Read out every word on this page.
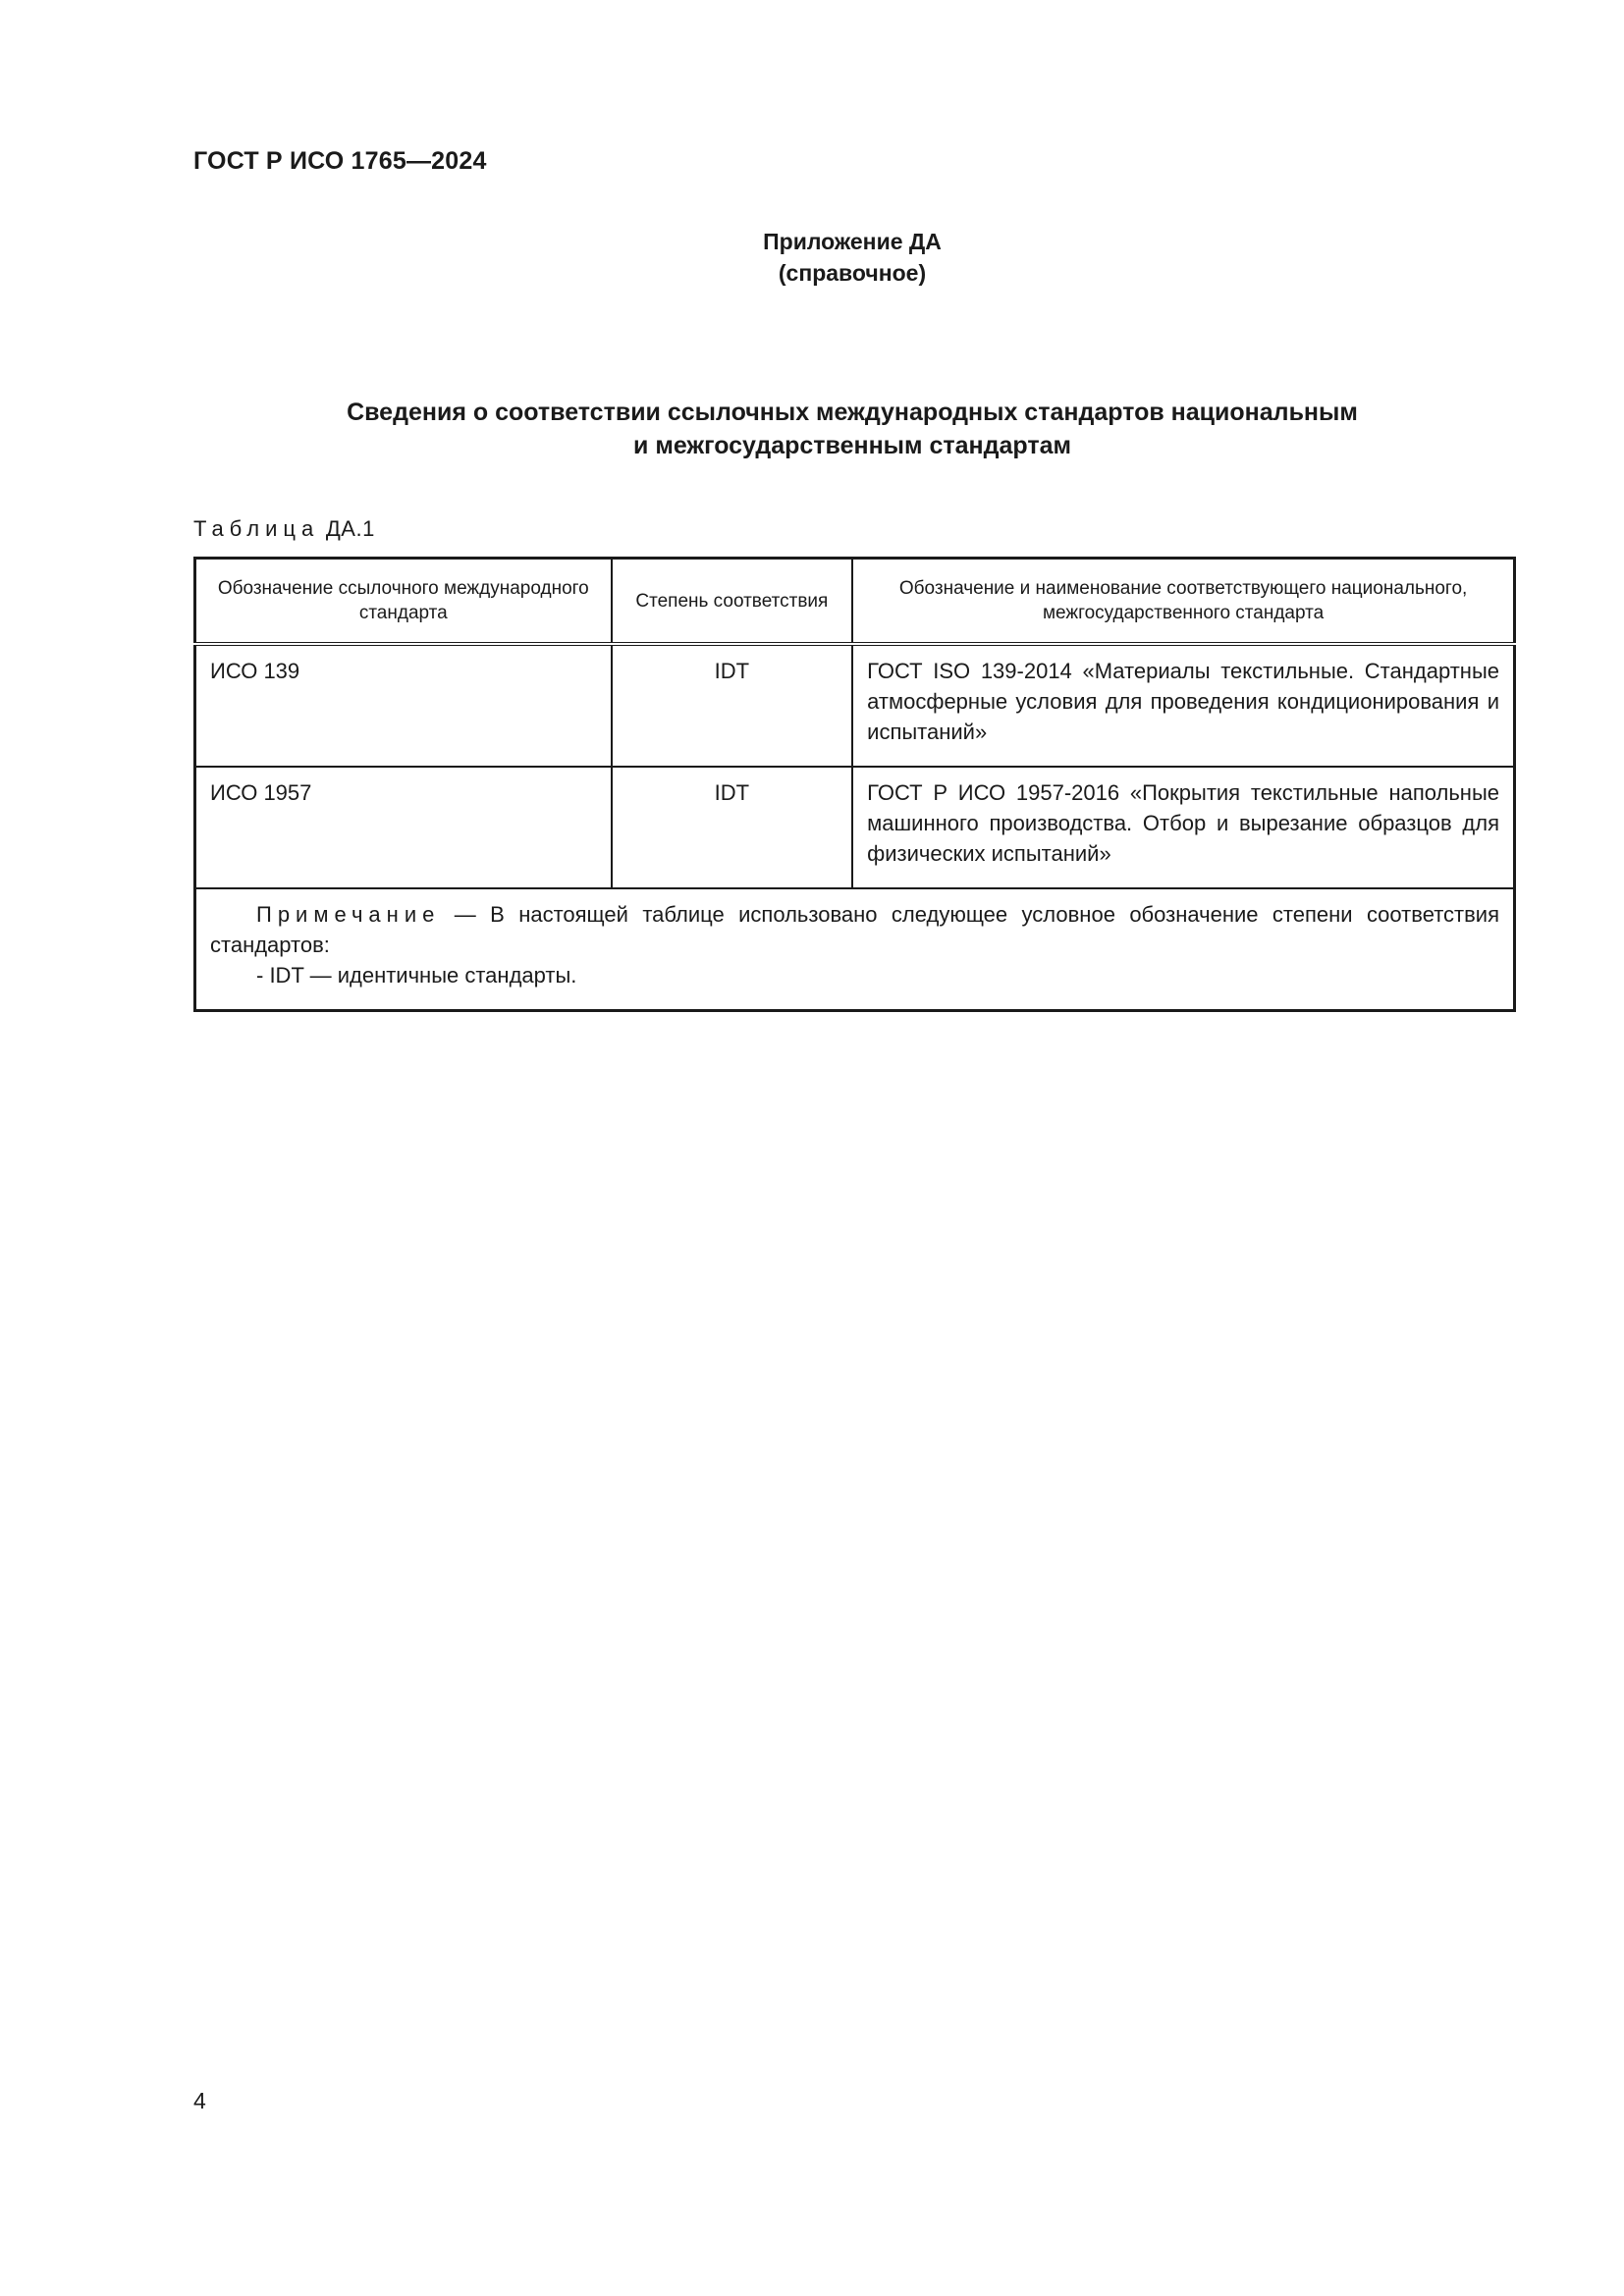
ГОСТ Р ИСО 1765—2024
Приложение ДА
(справочное)
Сведения о соответствии ссылочных международных стандартов национальным
и межгосударственным стандартам
Таблица ДА.1
Обозначение ссылочного международного стандарта	Степень соответствия	Обозначение и наименование соответствующего национального, межгосударственного стандарта
ИСО 139	IDT	ГОСТ ISO 139-2014 «Материалы текстильные. Стандартные атмосферные условия для проведения кондиционирования и испытаний»
ИСО 1957	IDT	ГОСТ Р ИСО 1957-2016 «Покрытия текстильные напольные машинного производства. Отбор и вырезание образцов для физических испытаний»
Примечание — В настоящей таблице использовано следующее условное обозначение степени соответствия стандартов:
- IDT — идентичные стандарты.		
4
